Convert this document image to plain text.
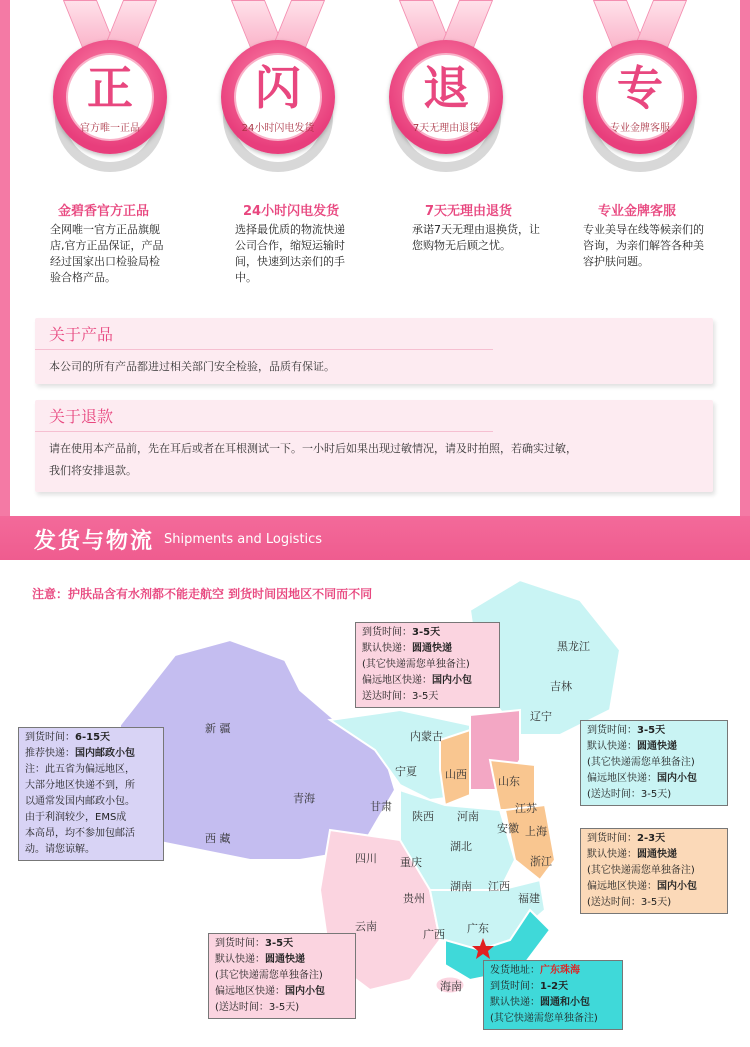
正
官方唯一正品
闪
24小时闪电发货
退
7天无理由退货
专
专业金牌客服
金碧香官方正品
全网唯一官方正品旗舰店,官方正品保证，产品经过国家出口检验局检验合格产品。
24小时闪电发货
选择最优质的物流快递公司合作，缩短运输时间，快速到达亲们的手中。
7天无理由退货
承诺7天无理由退换货，让您购物无后顾之忧。
专业金牌客服
专业美导在线等候亲们的咨询，为亲们解答各种美容护肤问题。
关于产品

本公司的所有产品都进过相关部门安全检验，品质有保证。

关于退款

请在使用本产品前，先在耳后或者在耳根测试一下。一小时后如果出现过敏情况，请及时拍照，若确实过敏，
我们将安排退款。

发货与物流 Shipments and Logistics
黑龙江
吉林
辽宁
内蒙古
新 疆
青海
西 藏
甘肃
宁夏	山西
山东
陕西 河南
江苏
安徽 上海
四川 重庆
湖北
浙江
湖南 江西
贵州	福建
云南
广西 广东
海南
注意：护肤品含有水剂都不能走航空 到货时间因地区不同而不同
到货时间：3-5天
默认快递：圆通快递
(其它快递需您单独备注)
偏远地区快递：国内小包
送达时间：3-5天
到货时间：6-15天
推荐快递：国内邮政小包
注：此五省为偏远地区，
大部分地区快递不到，所
以通常发国内邮政小包。
由于利润较少，EMS成
本高昂，均不参加包邮活
动。请您谅解。
到货时间：3-5天
默认快递：圆通快递
(其它快递需您单独备注)
偏远地区快递：国内小包
(送达时间：3-5天)
到货时间：2-3天
默认快递：圆通快递
(其它快递需您单独备注)
偏远地区快递：国内小包
(送达时间：3-5天)
到货时间：3-5天
默认快递：圆通快递
(其它快递需您单独备注)
偏远地区快递：国内小包
(送达时间：3-5天)
发货地址：广东珠海
到货时间：1-2天
默认快递：圆通和小包
(其它快递需您单独备注)
